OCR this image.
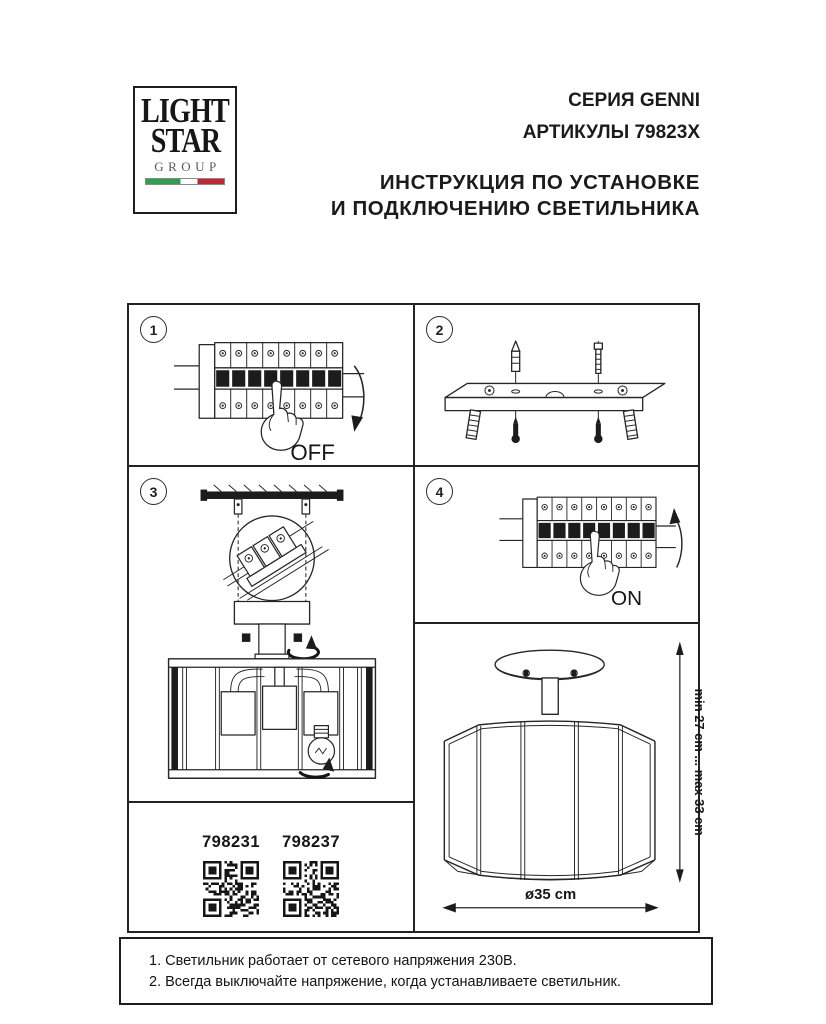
LIGHT
STAR
GROUP
СЕРИЯ GENNI
АРТИКУЛЫ 79823X
ИНСТРУКЦИЯ ПО УСТАНОВКЕ
И ПОДКЛЮЧЕНИЮ СВЕТИЛЬНИКА
1
OFF
3
798231 798237
2
4
ON
min 27 cm ... max 33 cm
ø35 cm
1. Светильник работает от сетевого напряжения 230В.
2. Всегда выключайте напряжение, когда устанавливаете светильник.
